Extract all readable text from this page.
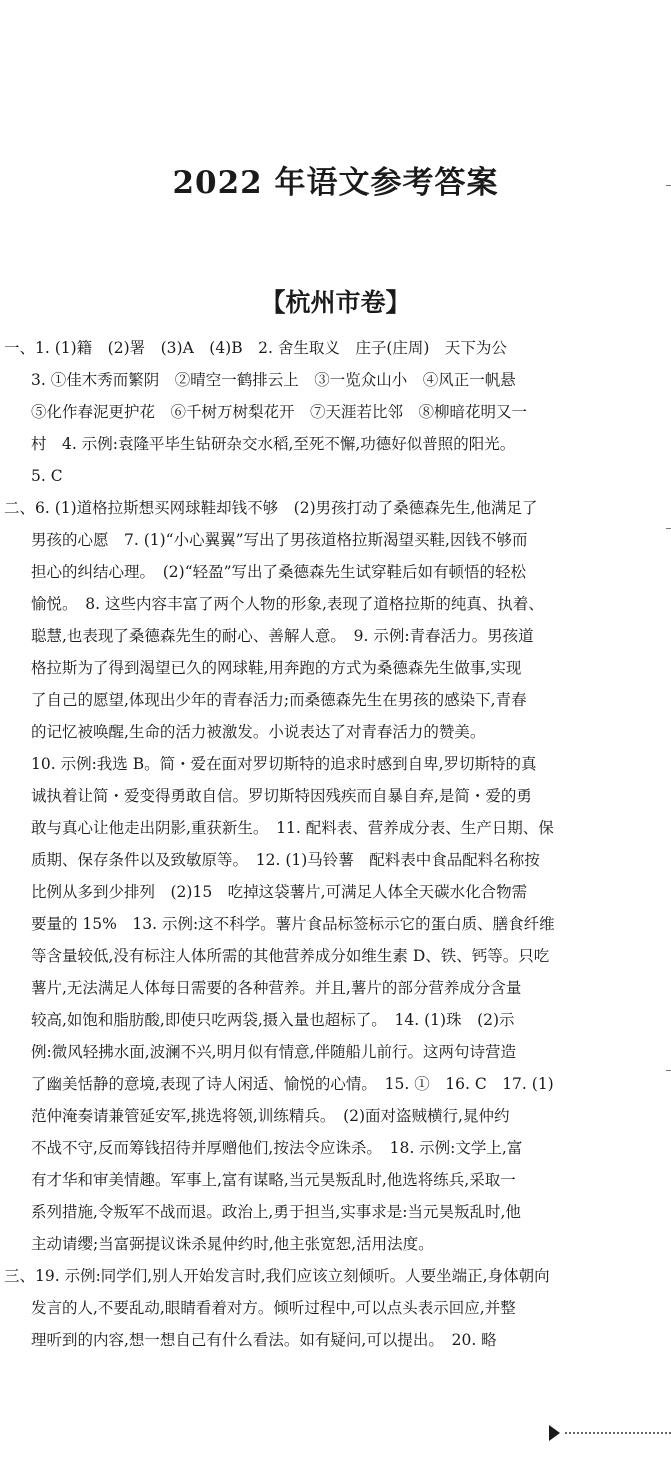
2022 年语文参考答案
【杭州市卷】

一、1. (1)籍　(2)署　(3)A　(4)B　2. 舍生取义　庄子(庄周)　天下为公

3. ①佳木秀而繁阴　②晴空一鹤排云上　③一览众山小　④风正一帆悬

⑤化作春泥更护花　⑥千树万树梨花开　⑦天涯若比邻　⑧柳暗花明又一

村　4. 示例:袁隆平毕生钻研杂交水稻,至死不懈,功德好似普照的阳光。

5. C

二、6. (1)道格拉斯想买网球鞋却钱不够　(2)男孩打动了桑德森先生,他满足了

男孩的心愿　7. (1)“小心翼翼”写出了男孩道格拉斯渴望买鞋,因钱不够而

担心的纠结心理。　(2)“轻盈”写出了桑德森先生试穿鞋后如有顿悟的轻松

愉悦。　8. 这些内容丰富了两个人物的形象,表现了道格拉斯的纯真、执着、

聪慧,也表现了桑德森先生的耐心、善解人意。　9. 示例:青春活力。男孩道

格拉斯为了得到渴望已久的网球鞋,用奔跑的方式为桑德森先生做事,实现

了自己的愿望,体现出少年的青春活力;而桑德森先生在男孩的感染下,青春

的记忆被唤醒,生命的活力被激发。小说表达了对青春活力的赞美。

10. 示例:我选 B。简・爱在面对罗切斯特的追求时感到自卑,罗切斯特的真

诚执着让简・爱变得勇敢自信。罗切斯特因残疾而自暴自弃,是简・爱的勇

敢与真心让他走出阴影,重获新生。　11. 配料表、营养成分表、生产日期、保

质期、保存条件以及致敏原等。　12. (1)马铃薯　配料表中食品配料名称按

比例从多到少排列　(2)15　吃掉这袋薯片,可满足人体全天碳水化合物需

要量的 15%　13. 示例:这不科学。薯片食品标签标示它的蛋白质、膳食纤维

等含量较低,没有标注人体所需的其他营养成分如维生素 D、铁、钙等。只吃

薯片,无法满足人体每日需要的各种营养。并且,薯片的部分营养成分含量

较高,如饱和脂肪酸,即使只吃两袋,摄入量也超标了。　14. (1)珠　(2)示

例:微风轻拂水面,波澜不兴,明月似有情意,伴随船儿前行。这两句诗营造

了幽美恬静的意境,表现了诗人闲适、愉悦的心情。　15. ①　16. C　17. (1)

范仲淹奏请兼管延安军,挑选将领,训练精兵。　(2)面对盗贼横行,晁仲约

不战不守,反而筹钱招待并厚赠他们,按法令应诛杀。　18. 示例:文学上,富

有才华和审美情趣。军事上,富有谋略,当元昊叛乱时,他选将练兵,采取一

系列措施,令叛军不战而退。政治上,勇于担当,实事求是:当元昊叛乱时,他

主动请缨;当富弼提议诛杀晁仲约时,他主张宽恕,活用法度。

三、19. 示例:同学们,别人开始发言时,我们应该立刻倾听。人要坐端正,身体朝向

发言的人,不要乱动,眼睛看着对方。倾听过程中,可以点头表示回应,并整

理听到的内容,想一想自己有什么看法。如有疑问,可以提出。　20. 略
